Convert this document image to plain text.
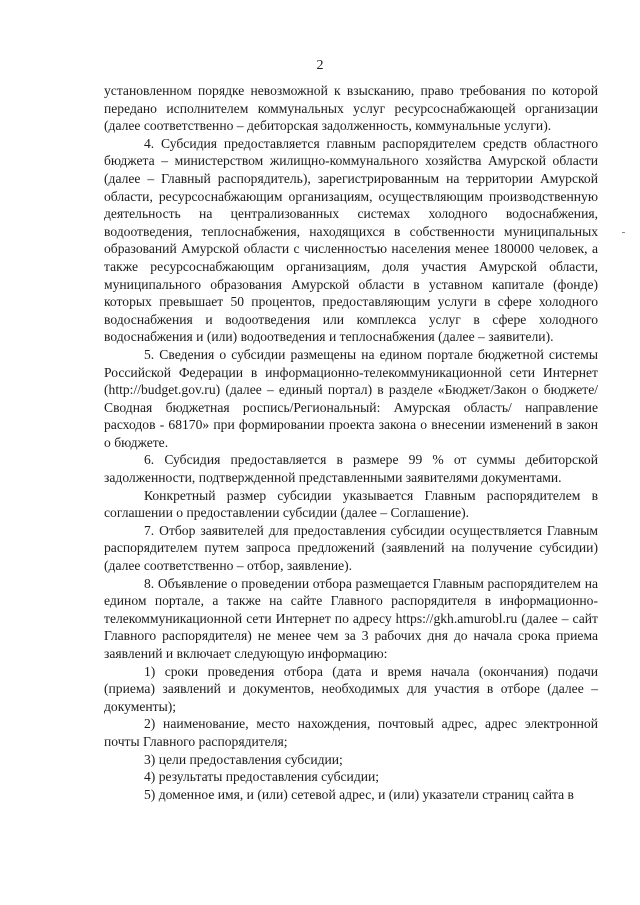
2

установленном порядке невозможной к взысканию, право требования по которой передано исполнителем коммунальных услуг ресурсоснабжающей организации (далее соответственно – дебиторская задолженность, коммунальные услуги).

4. Субсидия предоставляется главным распорядителем средств областного бюджета – министерством жилищно-коммунального хозяйства Амурской области (далее – Главный распорядитель), зарегистрированным на территории Амурской области, ресурсоснабжающим организациям, осуществляющим производственную деятельность на централизованных системах холодного водоснабжения, водоотведения, теплоснабжения, находящихся в собственности муниципальных образований Амурской области с численностью населения менее 180000 человек, а также ресурсоснабжающим организациям, доля участия Амурской области, муниципального образования Амурской области в уставном капитале (фонде) которых превышает 50 процентов, предоставляющим услуги в сфере холодного водоснабжения и водоотведения или комплекса услуг в сфере холодного водоснабжения и (или) водоотведения и теплоснабжения (далее – заявители).

5. Сведения о субсидии размещены на едином портале бюджетной системы Российской Федерации в информационно-телекоммуникационной сети Интернет (http://budget.gov.ru) (далее – единый портал) в разделе «Бюджет/Закон о бюджете/Сводная бюджетная роспись/Региональный: Амурская область/ направление расходов - 68170» при формировании проекта закона о внесении изменений в закон о бюджете.

6. Субсидия предоставляется в размере 99 % от суммы дебиторской задолженности, подтвержденной представленными заявителями документами.

Конкретный размер субсидии указывается Главным распорядителем в соглашении о предоставлении субсидии (далее – Соглашение).

7. Отбор заявителей для предоставления субсидии осуществляется Главным распорядителем путем запроса предложений (заявлений на получение субсидии) (далее соответственно – отбор, заявление).

8. Объявление о проведении отбора размещается Главным распорядителем на едином портале, а также на сайте Главного распорядителя в информационно-телекоммуникационной сети Интернет по адресу https://gkh.amurobl.ru (далее – сайт Главного распорядителя) не менее чем за 3 рабочих дня до начала срока приема заявлений и включает следующую информацию:

1) сроки проведения отбора (дата и время начала (окончания) подачи (приема) заявлений и документов, необходимых для участия в отборе (далее – документы);

2) наименование, место нахождения, почтовый адрес, адрес электронной почты Главного распорядителя;

3) цели предоставления субсидии;

4) результаты предоставления субсидии;

5) доменное имя, и (или) сетевой адрес, и (или) указатели страниц сайта в
